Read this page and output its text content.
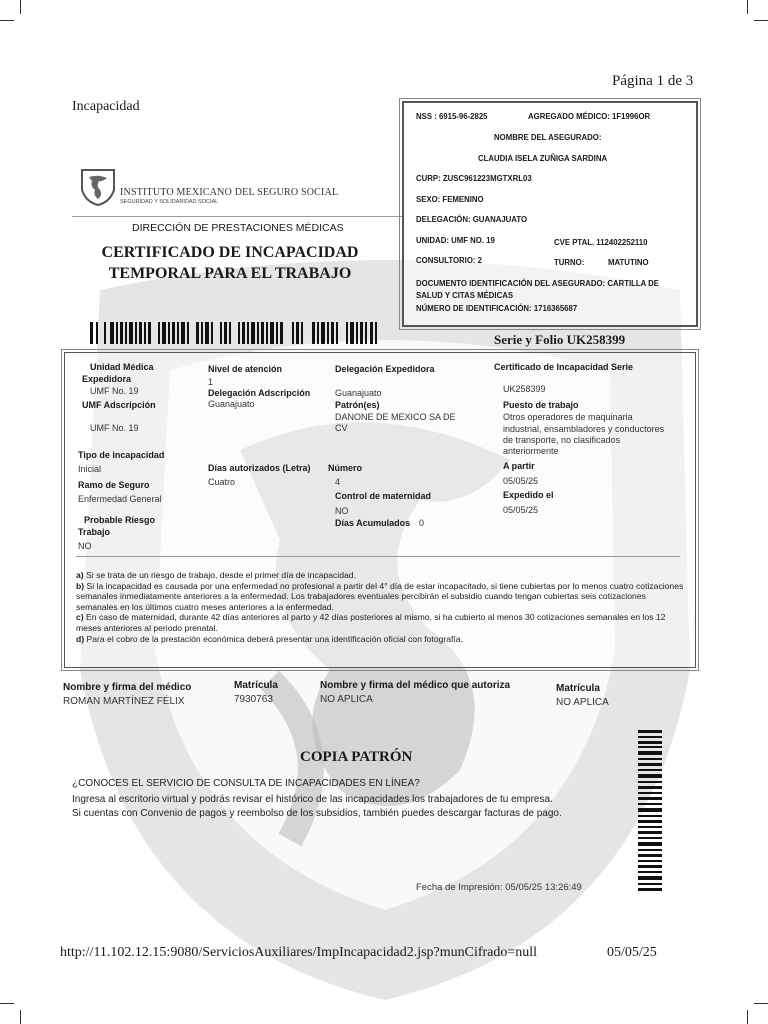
Página 1 de 3
Incapacidad
INSTITUTO MEXICANO DEL SEGURO SOCIAL
SEGURIDAD Y SOLIDARIDAD SOCIAL
DIRECCIÓN DE PRESTACIONES MÉDICAS
CERTIFICADO DE INCAPACIDAD
TEMPORAL PARA EL TRABAJO
Serie y Folio UK258399
NSS : 6915-96-2825	AGREGADO MÉDICO: 1F1996OR
NOMBRE DEL ASEGURADO:
CLAUDIA ISELA ZUÑIGA SARDINA
CURP: ZUSC961223MGTXRL03
SEXO: FEMENINO
DELEGACIÓN: GUANAJUATO
UNIDAD: UMF NO. 19	CVE PTAL. 112402252110
CONSULTORIO: 2	TURNO:	MATUTINO
DOCUMENTO IDENTIFICACIÓN DEL ASEGURADO: CARTILLA DE
SALUD Y CITAS MÉDICAS
NÚMERO DE IDENTIFICACIÓN: 1716365687
Unidad Médica
Expedidora
UMF No. 19
UMF Adscripción
UMF No. 19
Tipo de incapacidad
Inicial
Ramo de Seguro
Enfermedad General
Probable Riesgo
Trabajo
NO
Nivel de atención
1
Delegación Adscripción
Guanajuato
Días autorizados (Letra)
Cuatro
Delegación Expedidora
Guanajuato
Patrón(es)
DANONE DE MEXICO SA DE
CV
Número
4
Control de maternidad
NO
Días Acumulados 0
Certificado de Incapacidad Serie
UK258399
Puesto de trabajo
Otros operadores de maquinaria
industrial, ensambladores y conductores
de transporte, no clasificados
anteriormente
A partir
05/05/25
Expedido el
05/05/25
a) Si se trata de un riesgo de trabajo, desde el primer día de incapacidad.
b) Si la incapacidad es causada por una enfermedad no profesional a partir del 4° día de estar incapacitado, si tiene cubiertas por lo menos cuatro cotizaciones semanales inmediatamente anteriores a la enfermedad. Los trabajadores eventuales percibirán el subsidio cuando tengan cubiertas seis cotizaciones semanales en los últimos cuatro meses anteriores a la enfermedad.
c) En caso de maternidad, durante 42 días anteriores al parto y 42 días posteriores al mismo, si ha cubierto al menos 30 cotizaciones semanales en los 12 meses anteriores al periodo prenatal.
d) Para el cobro de la prestación económica deberá presentar una identificación oficial con fotografía.
Nombre y firma del médico
ROMAN MARTÍNEZ FÉLIX
Matrícula
7930763
Nombre y firma del médico que autoriza
NO APLICA
Matrícula
NO APLICA
COPIA PATRÓN
¿CONOCES EL SERVICIO DE CONSULTA DE INCAPACIDADES EN LÍNEA?
Ingresa al escritorio virtual y podrás revisar el histórico de las incapacidades los trabajadores de tu empresa.
Si cuentas con Convenio de pagos y reembolso de los subsidios, también puedes descargar facturas de pago.
Fecha de Impresión: 05/05/25 13:26:49
http://11.102.12.15:9080/ServiciosAuxiliares/ImpIncapacidad2.jsp?munCifrado=null	05/05/25
